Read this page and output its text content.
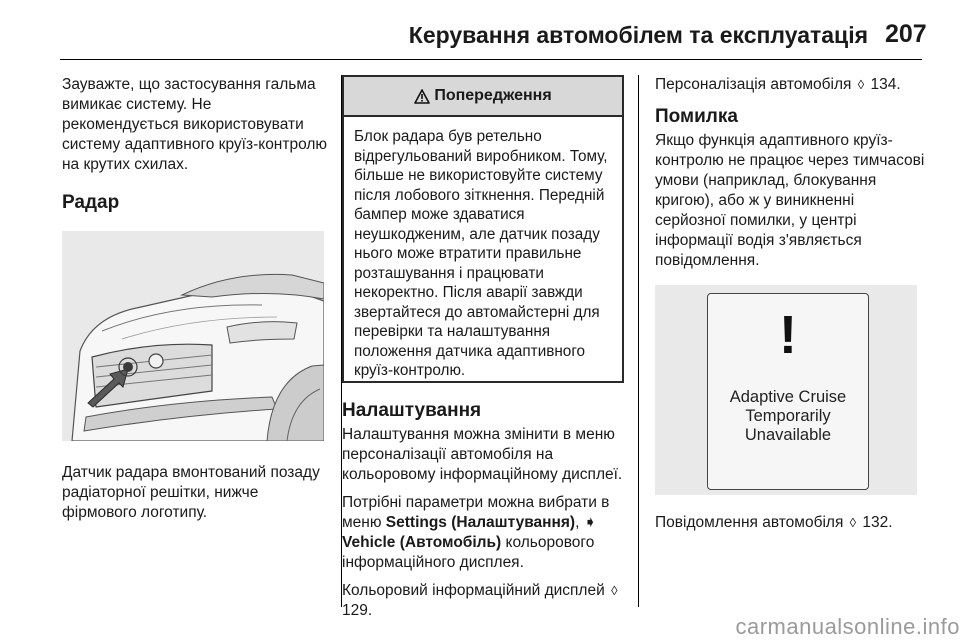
Керування автомобілем та експлуатація 207

Зауважте, що застосування гальма вимикає систему. Не рекомендується використовувати систему адаптивного круїз-контролю на крутих схилах.

Радар

Датчик радара вмонтований позаду радіаторної решітки, нижче фірмового логотипу.

Попередження

Блок радара був ретельно відрегульований виробником. Тому, більше не використовуйте систему після лобового зіткнення. Передній бампер може здаватися неушкодженим, але датчик позаду нього може втратити правильне розташування і працювати некоректно. Після аварії завжди звертайтеся до автомайстерні для перевірки та налаштування положення датчика адаптивного круїз-контролю.

Налаштування

Налаштування можна змінити в меню персоналізації автомобіля на кольоровому інформаційному дисплеї.

Потрібні параметри можна вибрати в меню Settings (Налаштування), ➧ Vehicle (Автомобіль) кольорового інформаційного дисплея.

Кольоровий інформаційний дисплей ◊ 129.

Персоналізація автомобіля ◊ 134.

Помилка

Якщо функція адаптивного круїз-контролю не працює через тимчасові умови (наприклад, блокування кригою), або ж у виникненні серйозної помилки, у центрі інформації водія з'являється повідомлення.

!
Adaptive Cruise
Temporarily
Unavailable

Повідомлення автомобіля ◊ 132.

carmanualsonline.info
